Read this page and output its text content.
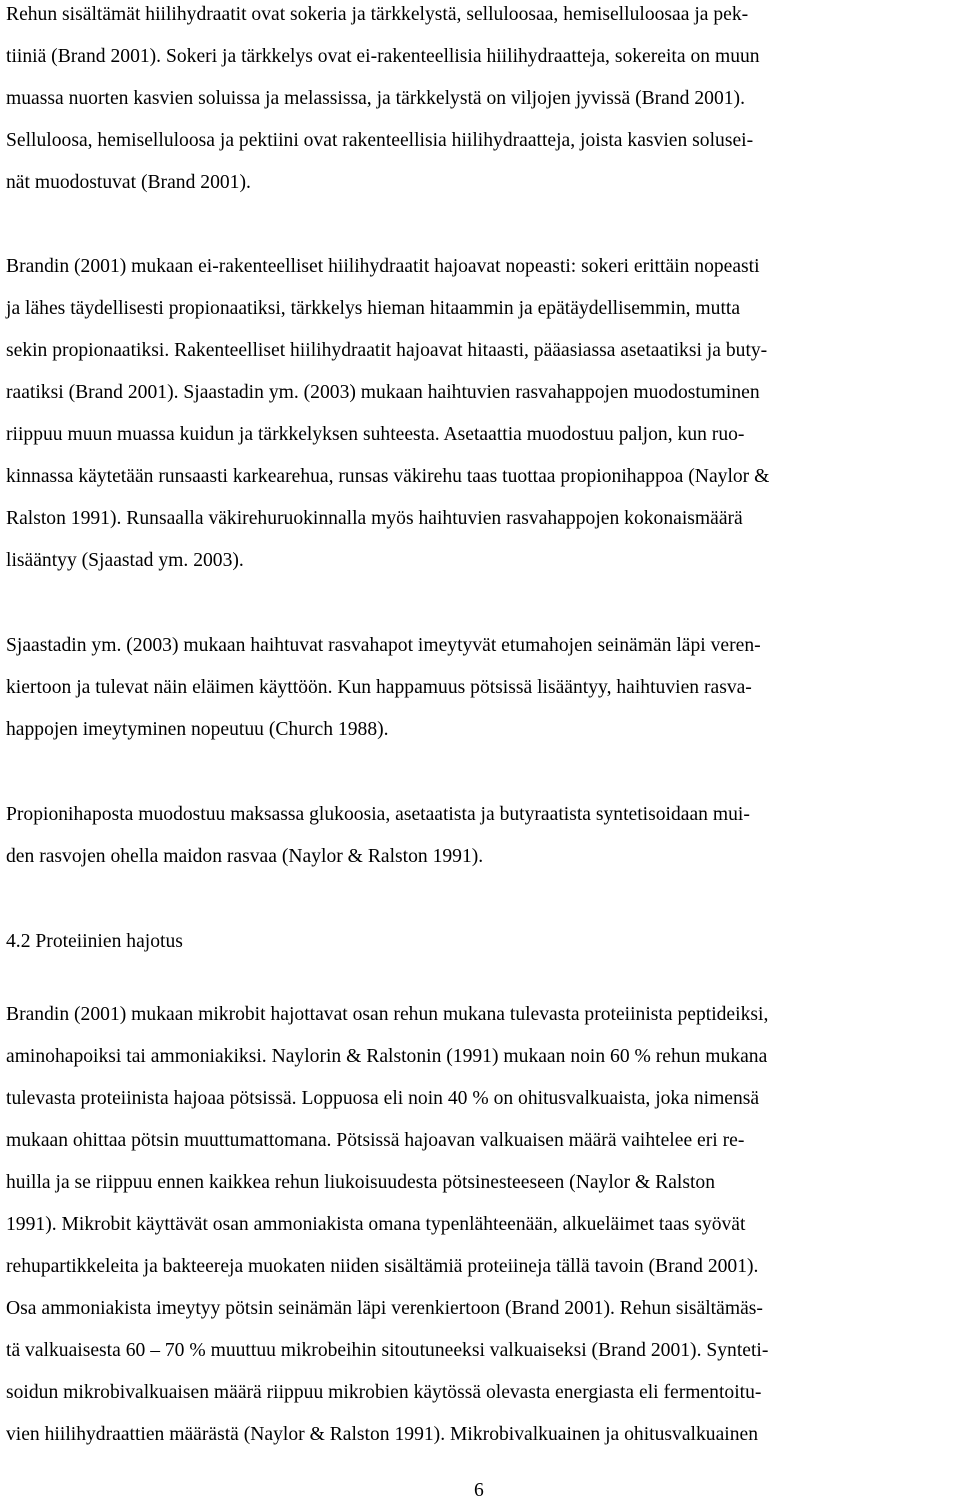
Rehun sisältämät hiilihydraatit ovat sokeria ja tärkkelystä, selluloosaa, hemiselluloosaa ja pek-
tiiniä (Brand 2001). Sokeri ja tärkkelys ovat ei-rakenteellisia hiilihydraatteja, sokereita on muun
muassa nuorten kasvien soluissa ja melassissa, ja tärkkelystä on viljojen jyvissä (Brand 2001).
Selluloosa, hemiselluloosa ja pektiini ovat rakenteellisia hiilihydraatteja, joista kasvien solusei-
nät muodostuvat (Brand 2001).
Brandin (2001) mukaan ei-rakenteelliset hiilihydraatit hajoavat nopeasti: sokeri erittäin nopeasti
ja lähes täydellisesti propionaatiksi, tärkkelys hieman hitaammin ja epätäydellisemmin, mutta
sekin propionaatiksi. Rakenteelliset hiilihydraatit hajoavat hitaasti, pääasiassa asetaatiksi ja buty-
raatiksi (Brand 2001). Sjaastadin ym. (2003) mukaan haihtuvien rasvahappojen muodostuminen
riippuu muun muassa kuidun ja tärkkelyksen suhteesta. Asetaattia muodostuu paljon, kun ruo-
kinnassa käytetään runsaasti karkearehua, runsas väkirehu taas tuottaa propionihappoa (Naylor &
Ralston 1991). Runsaalla väkirehuruokinnalla myös haihtuvien rasvahappojen kokonaismäärä
lisääntyy (Sjaastad ym. 2003).
Sjaastadin ym. (2003) mukaan haihtuvat rasvahapot imeytyvät etumahojen seinämän läpi veren-
kiertoon ja tulevat näin eläimen käyttöön. Kun happamuus pötsissä lisääntyy, haihtuvien rasva-
happojen imeytyminen nopeutuu (Church 1988).
Propionihaposta muodostuu maksassa glukoosia, asetaatista ja butyraatista syntetisoidaan mui-
den rasvojen ohella maidon rasvaa (Naylor & Ralston 1991).
4.2 Proteiinien hajotus
Brandin (2001) mukaan mikrobit hajottavat osan rehun mukana tulevasta proteiinista peptideiksi,
aminohapoiksi tai ammoniakiksi. Naylorin & Ralstonin (1991) mukaan noin 60 % rehun mukana
tulevasta proteiinista hajoaa pötsissä. Loppuosa eli noin 40 % on ohitusvalkuaista, joka nimensä
mukaan ohittaa pötsin muuttumattomana. Pötsissä hajoavan valkuaisen määrä vaihtelee eri re-
huilla ja se riippuu ennen kaikkea rehun liukoisuudesta pötsinesteeseen (Naylor & Ralston
1991). Mikrobit käyttävät osan ammoniakista omana typenlähteenään, alkueläimet taas syövät
rehupartikkeleita ja bakteereja muokaten niiden sisältämiä proteiineja tällä tavoin (Brand 2001).
Osa ammoniakista imeytyy pötsin seinämän läpi verenkiertoon (Brand 2001). Rehun sisältämäs-
tä valkuaisesta 60 – 70 % muuttuu mikrobeihin sitoutuneeksi valkuaiseksi (Brand 2001). Synteti-
soidun mikrobivalkuaisen määrä riippuu mikrobien käytössä olevasta energiasta eli fermentoitu-
vien hiilihydraattien määrästä (Naylor & Ralston 1991). Mikrobivalkuainen ja ohitusvalkuainen
6
